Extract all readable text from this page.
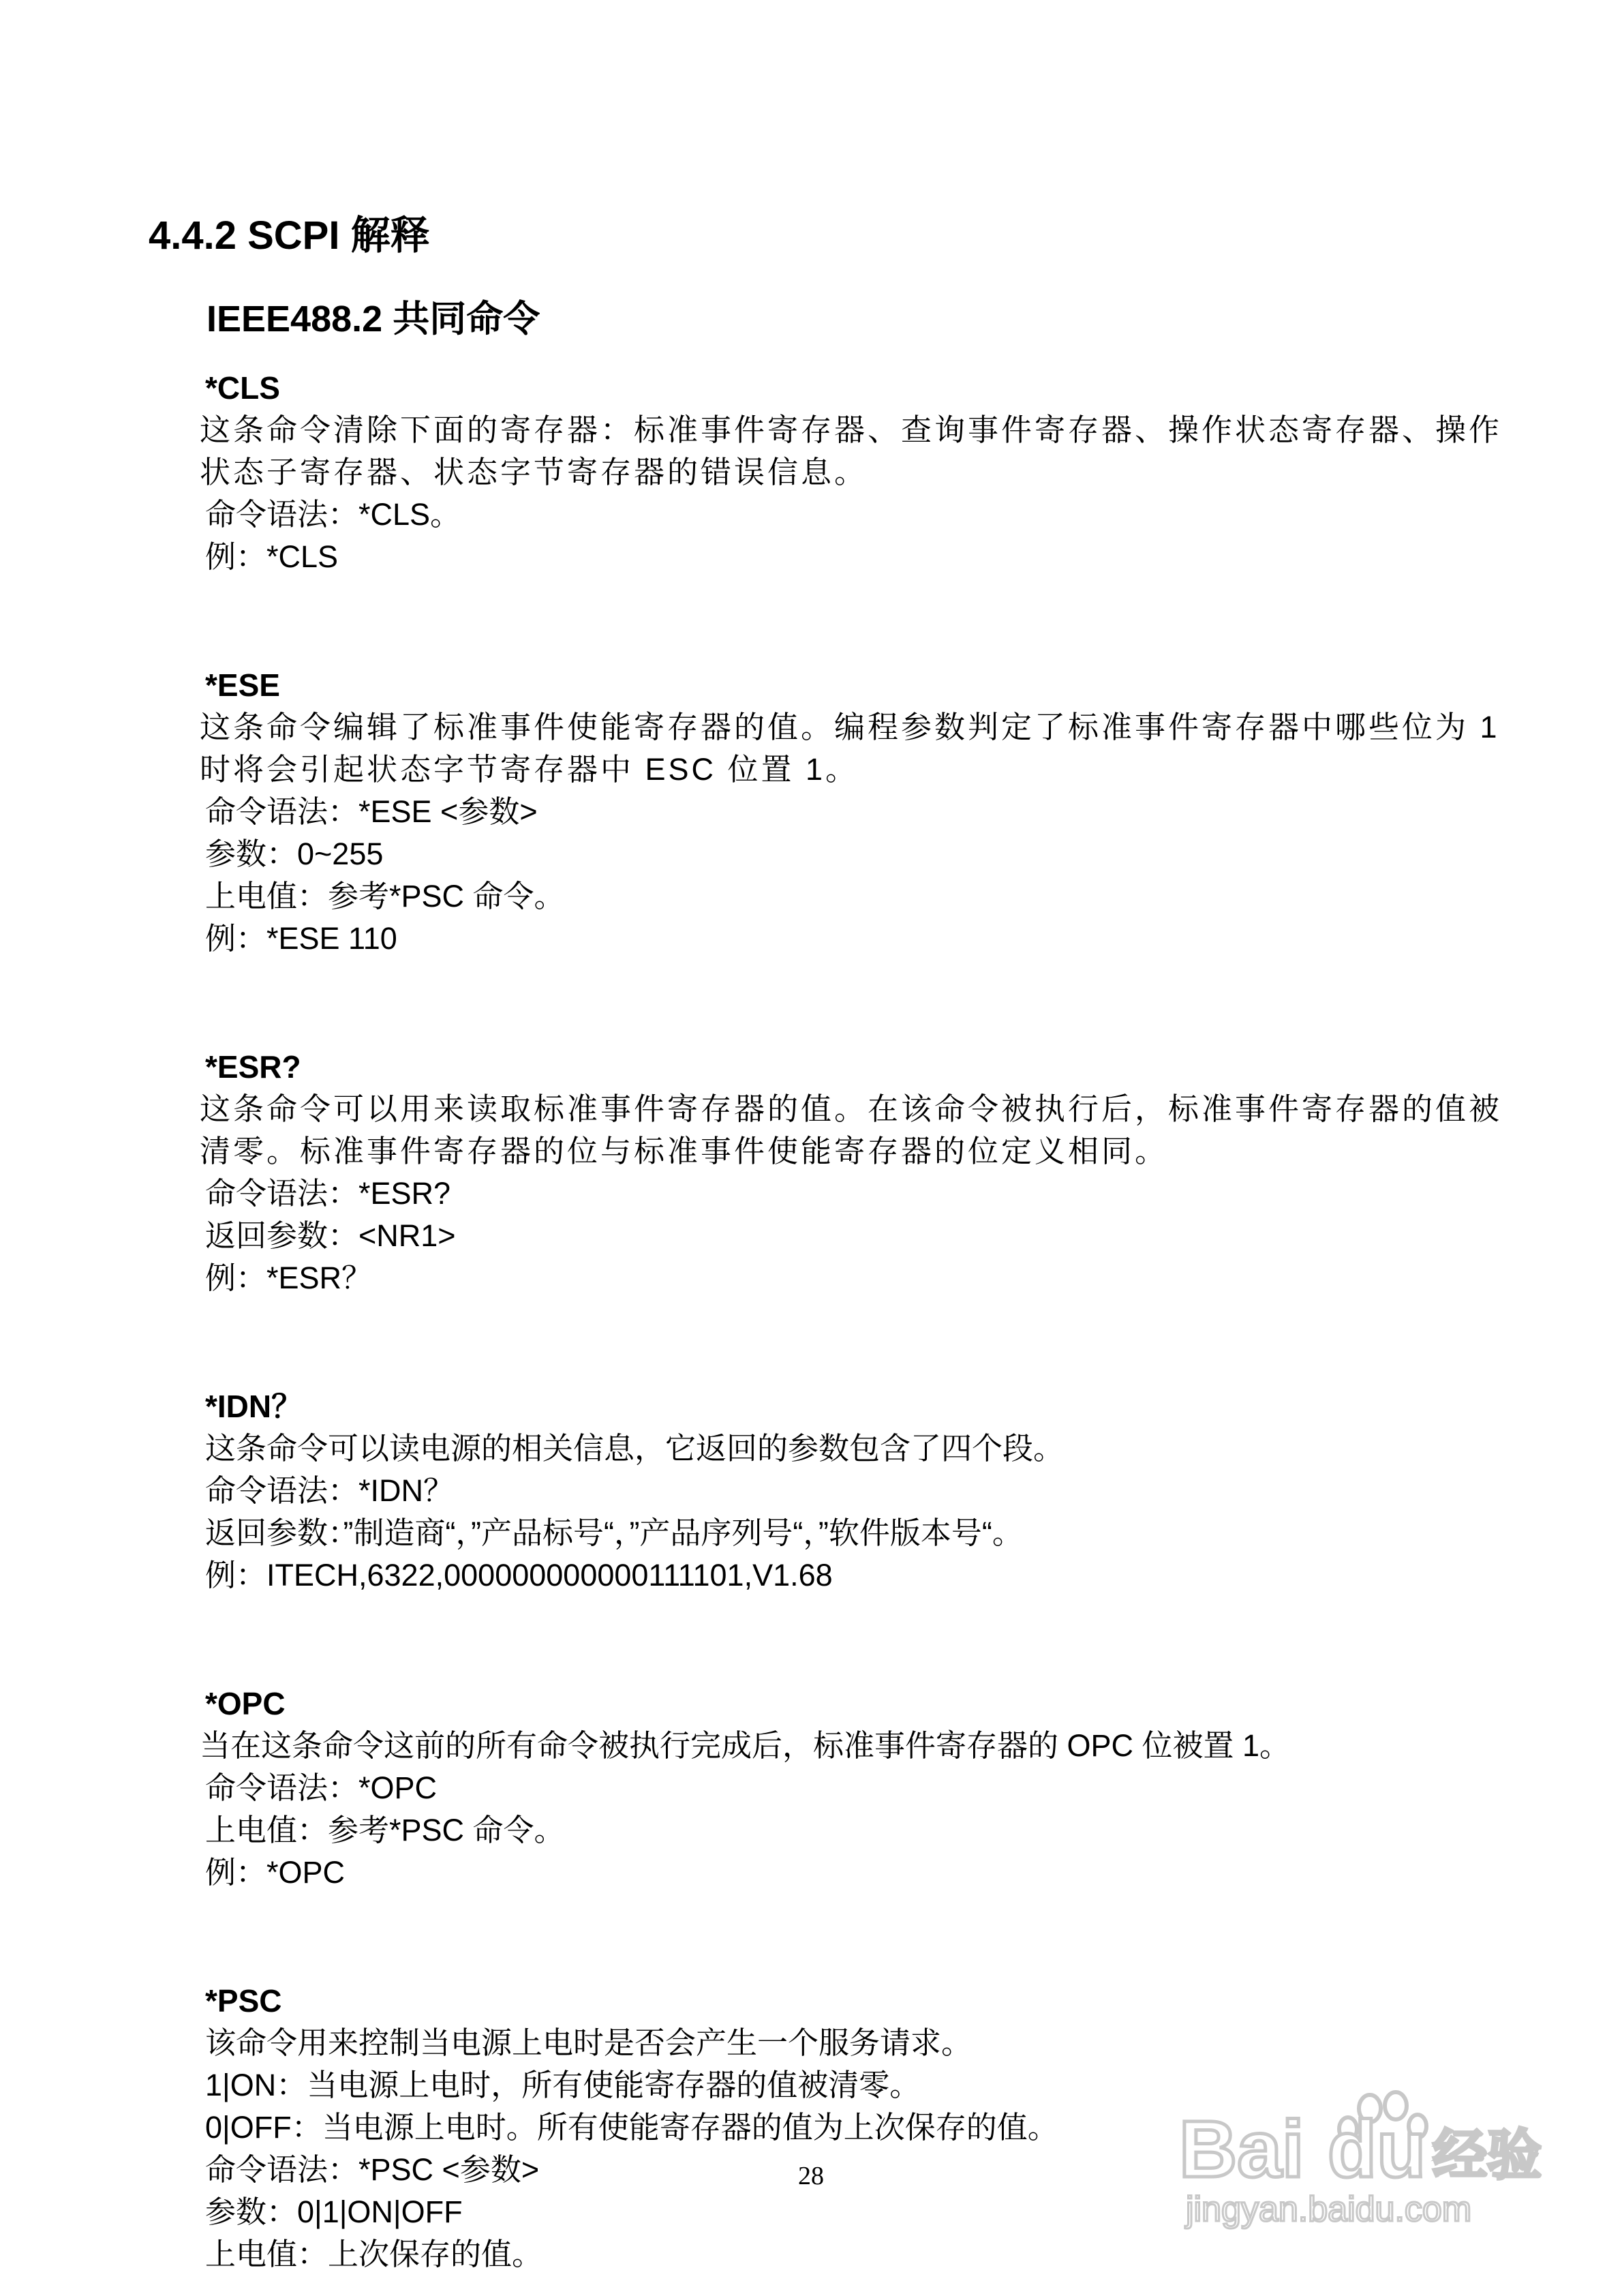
4.4.2 SCPI 解释
IEEE488.2 共同命令
*CLS

这条命令清除下面的寄存器：标准事件寄存器、查询事件寄存器、操作状态寄存器、操作状态子寄存器、状态字节寄存器的错误信息。

命令语法：*CLS。

例：*CLS

*ESE

这条命令编辑了标准事件使能寄存器的值。编程参数判定了标准事件寄存器中哪些位为 1 时将会引起状态字节寄存器中 ESC 位置 1。

命令语法：*ESE <参数>

参数：0~255

上电值：参考*PSC 命令。

例：*ESE 110

*ESR?

这条命令可以用来读取标准事件寄存器的值。在该命令被执行后，标准事件寄存器的值被清零。标准事件寄存器的位与标准事件使能寄存器的位定义相同。

命令语法：*ESR?

返回参数：<NR1>

例：*ESR？

*IDN？

这条命令可以读电源的相关信息，它返回的参数包含了四个段。

命令语法：*IDN？

返回参数：”制造商“，”产品标号“，”产品序列号“，”软件版本号“。

例：ITECH,6322,000000000000111101,V1.68

*OPC

当在这条命令这前的所有命令被执行完成后，标准事件寄存器的 OPC 位被置 1。

命令语法：*OPC

上电值：参考*PSC 命令。

例：*OPC

*PSC

该命令用来控制当电源上电时是否会产生一个服务请求。

1|ON：当电源上电时，所有使能寄存器的值被清零。

0|OFF：当电源上电时。所有使能寄存器的值为上次保存的值。

命令语法：*PSC <参数>

参数：0|1|ON|OFF

上电值：上次保存的值。

28	Bai du 经验
jingyan.baidu.com
